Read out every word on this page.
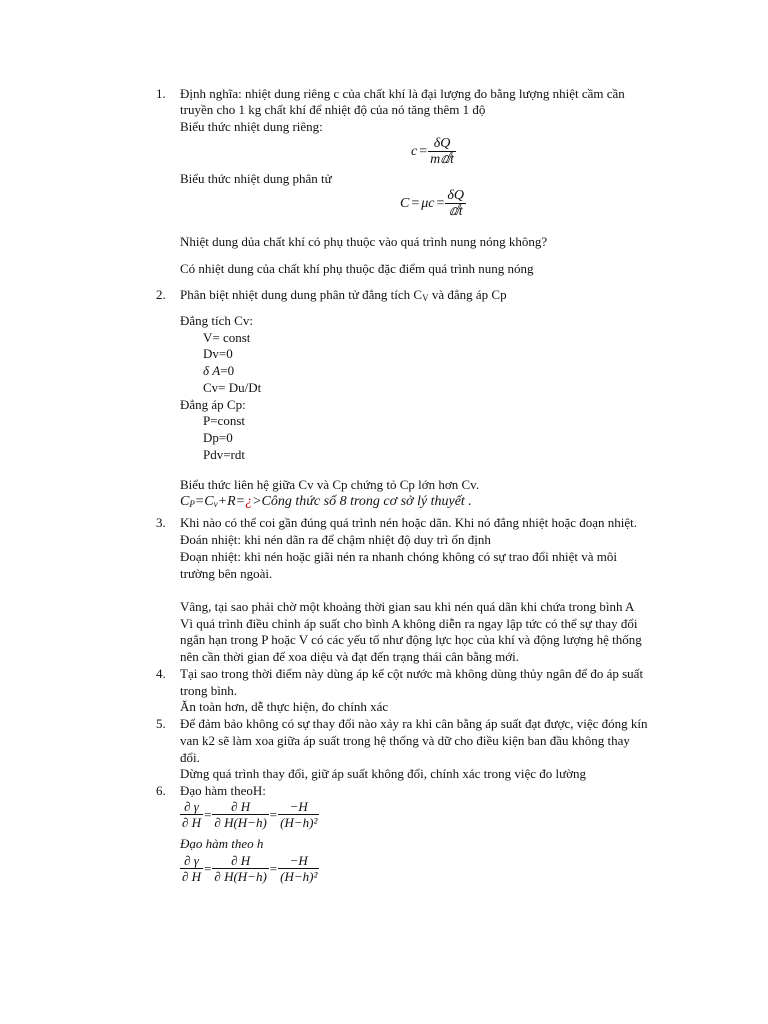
1. Định nghĩa: nhiệt dung riêng c của chất khí là đại lượng đo bằng lượng nhiệt cầm cần
truyền cho 1 kg chất khí để nhiệt độ của nó tăng thêm 1 độ
Biểu thức nhiệt dung riêng:
$c = \frac{\delta Q}{\text{mⅆt}}$
Biểu thức nhiệt dung phân tử
$C = \mu c = \frac{\delta Q}{\text{ⅆt}}$
Nhiệt dung dủa chất khí có phụ thuộc vào quá trình nung nóng không?
Có nhiệt dung của chất khí phụ thuộc đặc điểm quá trình nung nóng
2. Phân biệt nhiệt dung dung phân tử đẳng tích CV và đẳng áp Cp
Đẳng tích Cv:
V= const
Dv=0
δ A=0
Cv= Du/Dt
Đẳng áp Cp:
P=const
Dp=0
Pdv=rdt
Biểu thức liên hệ giữa Cv và Cp chứng tỏ Cp lớn hơn Cv.
CP=Cv+R=¿>Công thức số 8 trong cơ sở lý thuyết .
3. Khi nào có thể coi gần đúng quá trình nén hoặc dãn. Khi nó đẳng nhiệt hoặc đoạn nhiệt.
Đoán nhiệt: khi nén dãn ra để chậm nhiệt độ duy trì ổn định
Đoạn nhiệt: khi nén hoặc giãi nén ra nhanh chóng không có sự trao đổi nhiệt và môi
trường bên ngoài.
Vâng, tại sao phải chờ một khoảng thời gian sau khi nén quá dãn khi chứa trong bình A
Vì quá trình điều chỉnh áp suất cho bình A không diễn ra ngay lập tức có thể sự thay đổi
ngắn hạn trong P hoặc V có các yếu tố như động lực học của khí và động lượng hệ thống
nên cần thời gian để xoa diệu và đạt đến trạng thái cân bằng mới.
4. Tại sao trong thời điểm này dùng áp kế cột nước mà không dùng thủy ngân để đo áp suất
trong bình.
Ăn toàn hơn, dễ thực hiện, đo chính xác
5. Để đảm bảo không có sự thay đổi nào xảy ra khi cân bằng áp suất đạt được, việc đóng kín
van k2 sẽ làm xoa giữa áp suất trong hệ thống và dữ cho điều kiện ban đầu không thay
đổi.
Dừng quá trình thay đổi, giữ áp suất không đổi, chính xác trong việc đo lường
6. Đạo hàm theoH:
$\frac{\partial \gamma}{\partial H} = \frac{\partial H}{\partial H(H-h)} = \frac{-H}{\text{(H−h)²}}$
Đạo hàm theo h
$\frac{\partial \gamma}{\partial H} = \frac{\partial H}{\partial H(H-h)} = \frac{-H}{\text{(H−h)²}}$
